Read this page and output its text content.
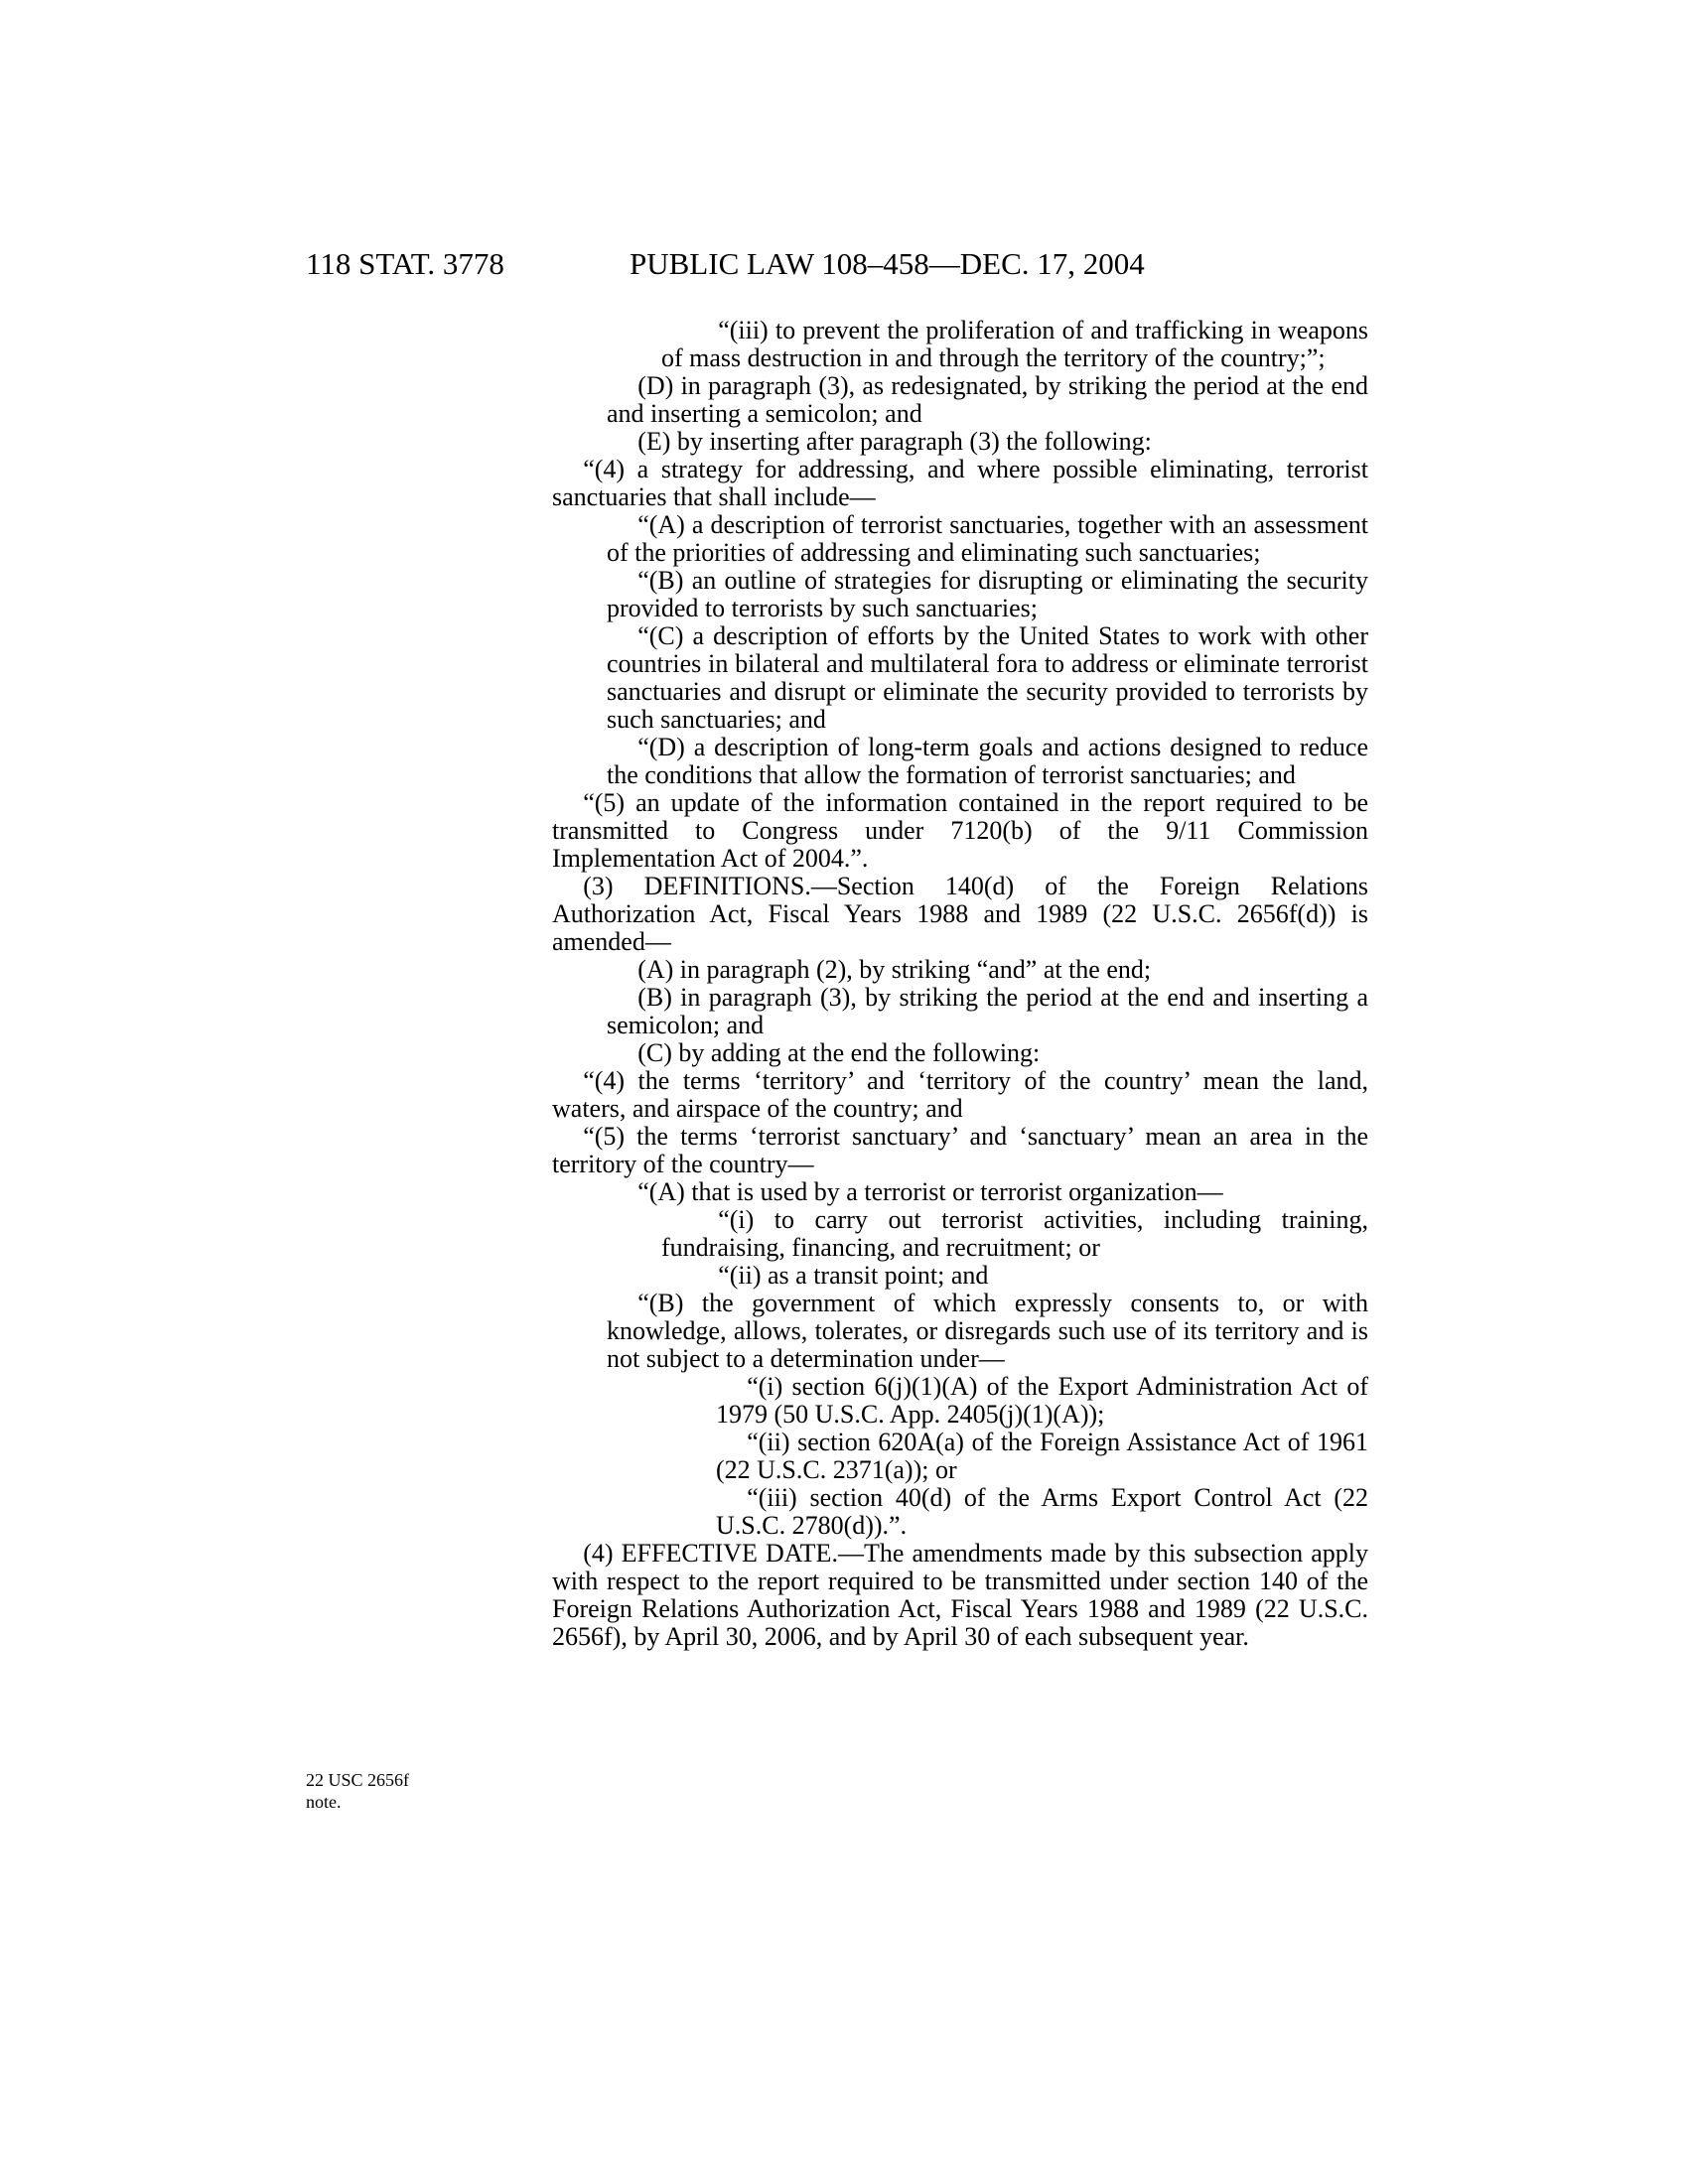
118 STAT. 3778	PUBLIC LAW 108–458—DEC. 17, 2004
22 USC 2656f note.

“(iii) to prevent the proliferation of and trafficking in weapons of mass destruction in and through the territory of the country;”;

(D) in paragraph (3), as redesignated, by striking the period at the end and inserting a semicolon; and

(E) by inserting after paragraph (3) the following:

“(4) a strategy for addressing, and where possible eliminating, terrorist sanctuaries that shall include—

“(A) a description of terrorist sanctuaries, together with an assessment of the priorities of addressing and eliminating such sanctuaries;

“(B) an outline of strategies for disrupting or eliminating the security provided to terrorists by such sanctuaries;

“(C) a description of efforts by the United States to work with other countries in bilateral and multilateral fora to address or eliminate terrorist sanctuaries and disrupt or eliminate the security provided to terrorists by such sanctuaries; and

“(D) a description of long-term goals and actions designed to reduce the conditions that allow the formation of terrorist sanctuaries; and

“(5) an update of the information contained in the report required to be transmitted to Congress under 7120(b) of the 9/11 Commission Implementation Act of 2004.”.

(3) DEFINITIONS.—Section 140(d) of the Foreign Relations Authorization Act, Fiscal Years 1988 and 1989 (22 U.S.C. 2656f(d)) is amended—

(A) in paragraph (2), by striking “and” at the end;

(B) in paragraph (3), by striking the period at the end and inserting a semicolon; and

(C) by adding at the end the following:

“(4) the terms ‘territory’ and ‘territory of the country’ mean the land, waters, and airspace of the country; and

“(5) the terms ‘terrorist sanctuary’ and ‘sanctuary’ mean an area in the territory of the country—

“(A) that is used by a terrorist or terrorist organization—

“(i) to carry out terrorist activities, including training, fundraising, financing, and recruitment; or

“(ii) as a transit point; and

“(B) the government of which expressly consents to, or with knowledge, allows, tolerates, or disregards such use of its territory and is not subject to a determination under—

“(i) section 6(j)(1)(A) of the Export Administration Act of 1979 (50 U.S.C. App. 2405(j)(1)(A));

“(ii) section 620A(a) of the Foreign Assistance Act of 1961 (22 U.S.C. 2371(a)); or

“(iii) section 40(d) of the Arms Export Control Act (22 U.S.C. 2780(d)).”.

(4) EFFECTIVE DATE.—The amendments made by this subsection apply with respect to the report required to be transmitted under section 140 of the Foreign Relations Authorization Act, Fiscal Years 1988 and 1989 (22 U.S.C. 2656f), by April 30, 2006, and by April 30 of each subsequent year.
